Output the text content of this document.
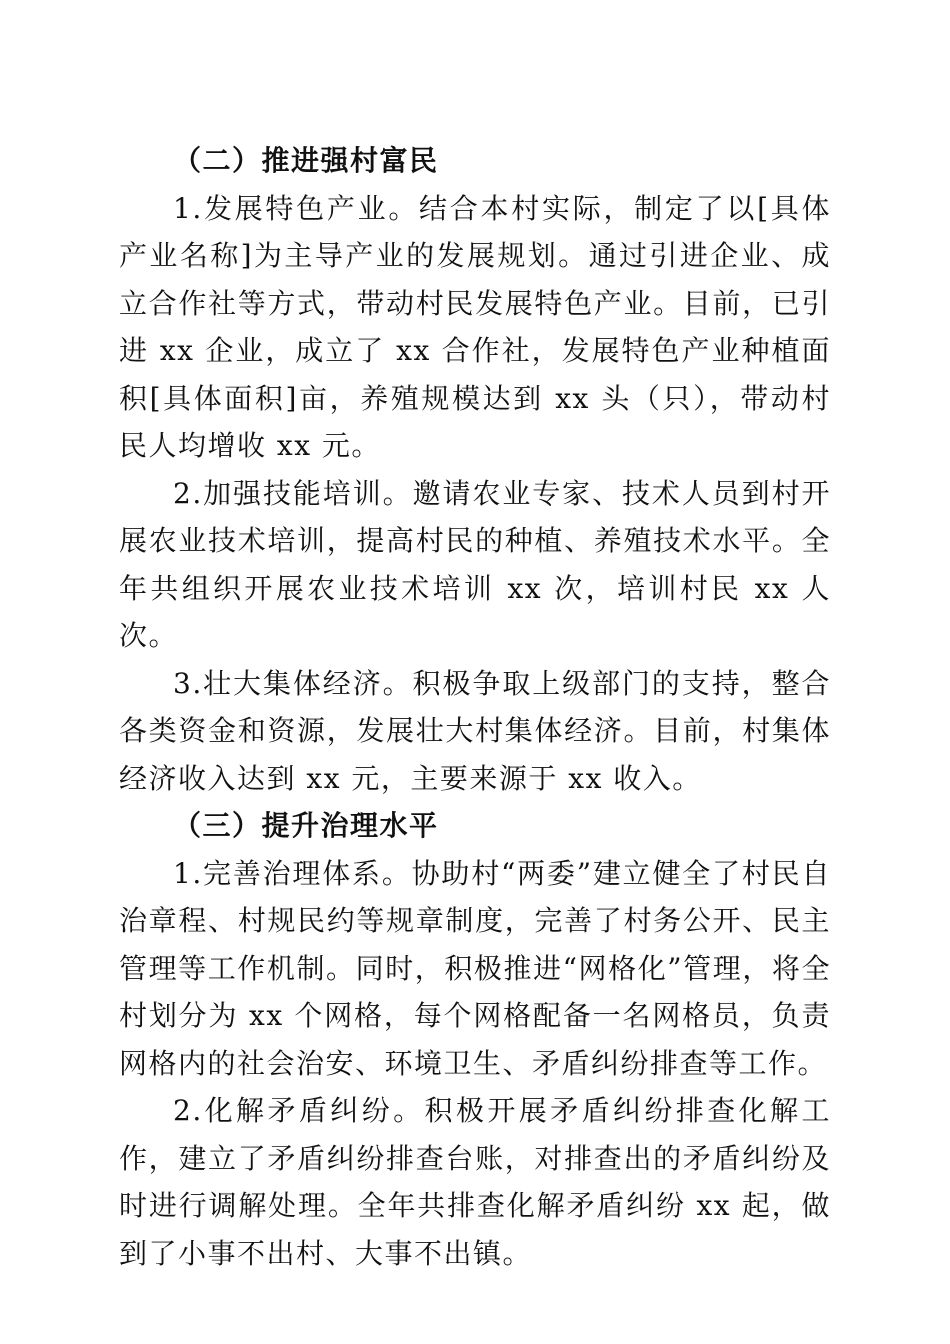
（二）推进强村富民

1.发展特色产业。结合本村实际，制定了以[具体产业名称]为主导产业的发展规划。通过引进企业、成立合作社等方式，带动村民发展特色产业。目前，已引进 xx 企业，成立了 xx 合作社，发展特色产业种植面积[具体面积]亩，养殖规模达到 xx 头（只），带动村民人均增收 xx 元。

2.加强技能培训。邀请农业专家、技术人员到村开展农业技术培训，提高村民的种植、养殖技术水平。全年共组织开展农业技术培训 xx 次，培训村民 xx 人次。

3.壮大集体经济。积极争取上级部门的支持，整合各类资金和资源，发展壮大村集体经济。目前，村集体经济收入达到 xx 元，主要来源于 xx 收入。

（三）提升治理水平

1.完善治理体系。协助村“两委”建立健全了村民自治章程、村规民约等规章制度，完善了村务公开、民主管理等工作机制。同时，积极推进“网格化”管理，将全村划分为 xx 个网格，每个网格配备一名网格员，负责网格内的社会治安、环境卫生、矛盾纠纷排查等工作。

2.化解矛盾纠纷。积极开展矛盾纠纷排查化解工作，建立了矛盾纠纷排查台账，对排查出的矛盾纠纷及时进行调解处理。全年共排查化解矛盾纠纷 xx 起，做到了小事不出村、大事不出镇。
